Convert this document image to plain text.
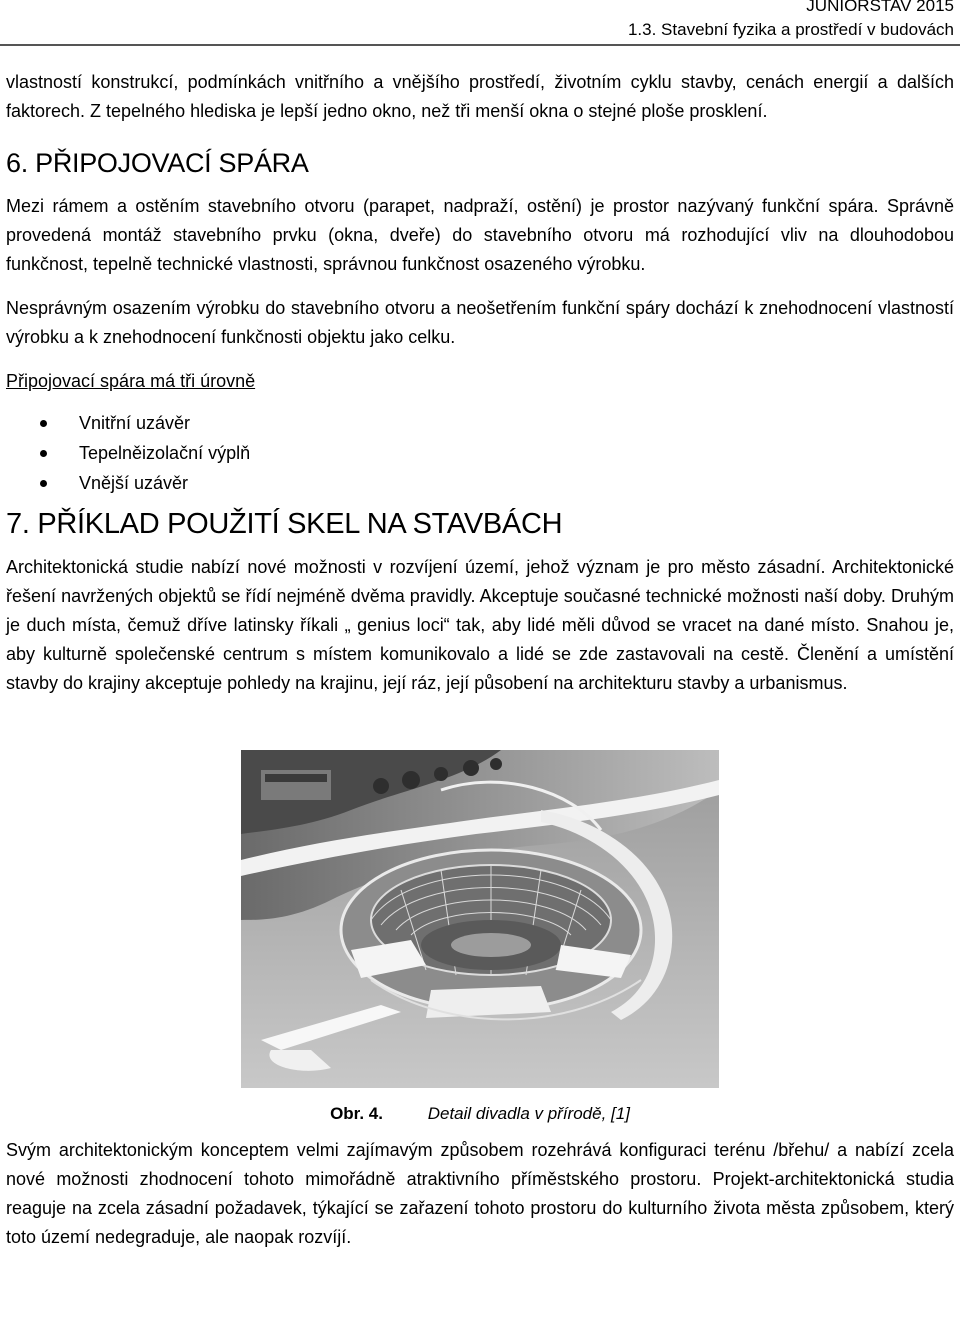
JUNIORSTAV 2015
1.3. Stavební fyzika a prostředí v budovách

vlastností konstrukcí, podmínkách vnitřního a vnějšího prostředí, životním cyklu stavby, cenách energií a dalších faktorech. Z tepelného hlediska je lepší jedno okno, než tři menší okna o stejné ploše prosklení.

6. PŘIPOJOVACÍ SPÁRA

Mezi rámem a ostěním stavebního otvoru (parapet, nadpraží, ostění) je prostor nazývaný funkční spára. Správně provedená montáž stavebního prvku (okna, dveře) do stavebního otvoru má rozhodující vliv na dlouhodobou funkčnost, tepelně technické vlastnosti, správnou funkčnost osazeného výrobku.

Nesprávným osazením výrobku do stavebního otvoru a neošetřením funkční spáry dochází k znehodnocení vlastností výrobku a k znehodnocení funkčnosti objektu jako celku.

Připojovací spára má tři úrovně

Vnitřní uzávěr
Tepelněizolační výplň
Vnější uzávěr
7. PŘÍKLAD POUŽITÍ SKEL NA STAVBÁCH

Architektonická studie nabízí nové možnosti v rozvíjení území, jehož význam je pro město zásadní. Architektonické řešení navržených objektů se řídí nejméně dvěma pravidly. Akceptuje současné technické možnosti naší doby. Druhým je duch místa, čemuž dříve latinsky říkali „ genius loci“ tak, aby lidé měli důvod se vracet na dané místo. Snahou je, aby kulturně společenské centrum s místem komunikovalo a lidé se zde zastavovali na cestě. Členění a umístění stavby do krajiny akceptuje pohledy na krajinu, její ráz, její působení na architekturu stavby a urbanismus.

Obr. 4.	Detail divadla v přírodě, [1]

Svým architektonickým konceptem velmi zajímavým způsobem rozehrává konfiguraci terénu /břehu/ a nabízí zcela nové možnosti zhodnocení tohoto mimořádně atraktivního příměstského prostoru. Projekt-architektonická studia reaguje na zcela zásadní požadavek, týkající se zařazení tohoto prostoru do kulturního života města způsobem, který toto území nedegraduje, ale naopak rozvíjí.
